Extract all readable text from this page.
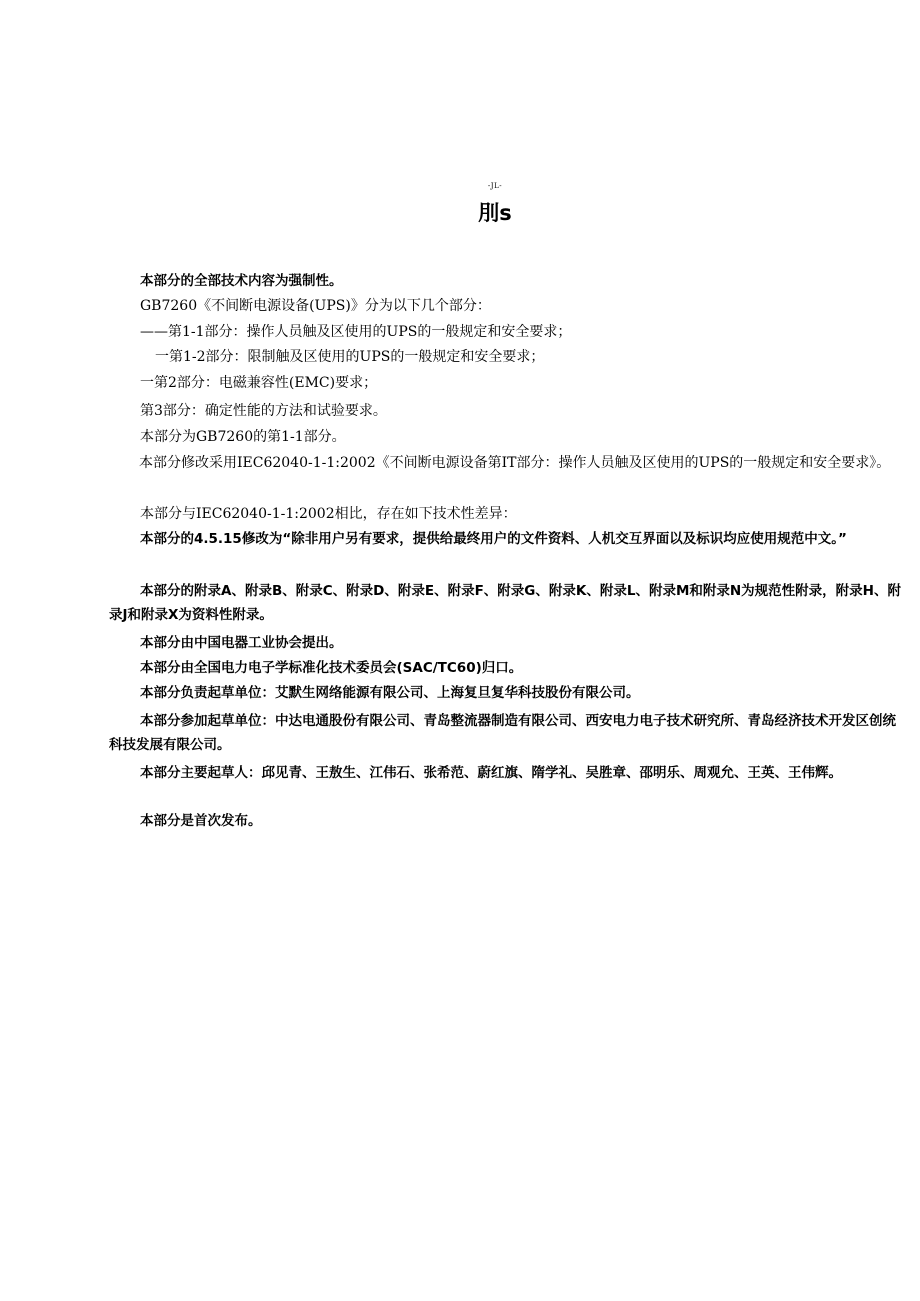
-JL-
刖s
本部分的全部技术内容为强制性。
GB7260《不间断电源设备(UPS)》分为以下几个部分：
——第1-1部分：操作人员触及区使用的UPS的一般规定和安全要求；
一第1-2部分：限制触及区使用的UPS的一般规定和安全要求；
一第2部分：电磁兼容性(EMC)要求；
第3部分：确定性能的方法和试验要求。
本部分为GB7260的第1-1部分。
本部分修改采用IEC62040-1-1:2002《不间断电源设备第IT部分：操作人员触及区使用的UPS的一般规定和安全要求》。
本部分与IEC62040-1-1:2002相比，存在如下技术性差异：
本部分的4.5.15修改为“除非用户另有要求，提供给最终用户的文件资料、人机交互界面以及标识均应使用规范中文。”
本部分的附录A、附录B、附录C、附录D、附录E、附录F、附录G、附录K、附录L、附录M和附录N为规范性附录，附录H、附录J和附录X为资料性附录。
本部分由中国电器工业协会提出。
本部分由全国电力电子学标准化技术委员会(SAC/TC60)归口。
本部分负责起草单位：艾默生网络能源有限公司、上海复旦复华科技股份有限公司。
本部分参加起草单位：中达电通股份有限公司、青岛整流器制造有限公司、西安电力电子技术研究所、青岛经济技术开发区创统科技发展有限公司。
本部分主要起草人：邱见青、王敖生、江伟石、张希范、蔚红旗、隋学礼、吴胜章、邵明乐、周观允、王英、王伟辉。
本部分是首次发布。
